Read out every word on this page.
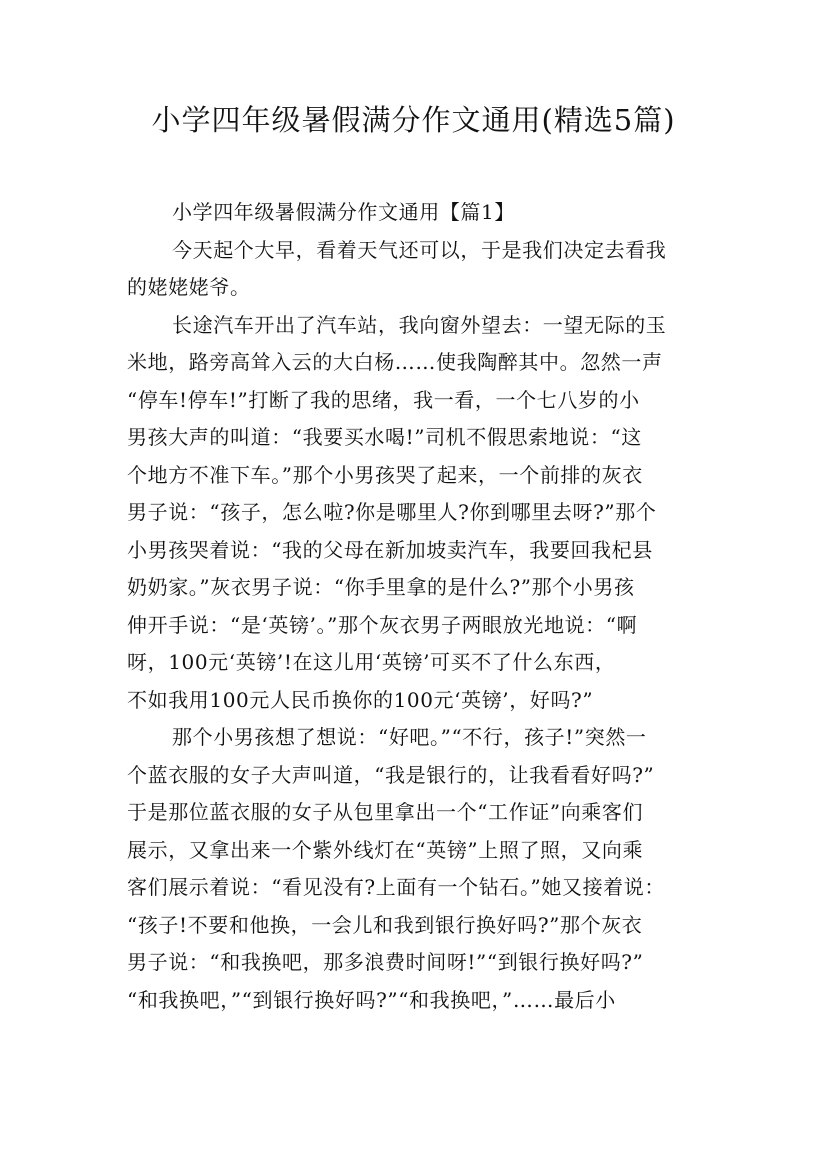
小学四年级暑假满分作文通用(精选5篇)
小学四年级暑假满分作文通用【篇1】
今天起个大早，看着天气还可以，于是我们决定去看我
的姥姥姥爷。
长途汽车开出了汽车站，我向窗外望去：一望无际的玉
米地，路旁高耸入云的大白杨……使我陶醉其中。忽然一声
“停车!停车!”打断了我的思绪，我一看，一个七八岁的小
男孩大声的叫道：“我要买水喝!”司机不假思索地说：“这
个地方不准下车。”那个小男孩哭了起来，一个前排的灰衣
男子说：“孩子，怎么啦?你是哪里人?你到哪里去呀?”那个
小男孩哭着说：“我的父母在新加坡卖汽车，我要回我杞县
奶奶家。”灰衣男子说：“你手里拿的是什么?”那个小男孩
伸开手说：“是‘英镑’。”那个灰衣男子两眼放光地说：“啊
呀，100元‘英镑’!在这儿用‘英镑’可买不了什么东西，
不如我用100元人民币换你的100元‘英镑’，好吗?”
那个小男孩想了想说：“好吧。”“不行，孩子!”突然一
个蓝衣服的女子大声叫道，“我是银行的，让我看看好吗?”
于是那位蓝衣服的女子从包里拿出一个“工作证”向乘客们
展示，又拿出来一个紫外线灯在“英镑”上照了照，又向乘
客们展示着说：“看见没有?上面有一个钻石。”她又接着说：
“孩子!不要和他换，一会儿和我到银行换好吗?”那个灰衣
男子说：“和我换吧，那多浪费时间呀!”“到银行换好吗?”
“和我换吧，”“到银行换好吗?”“和我换吧，”……最后小
